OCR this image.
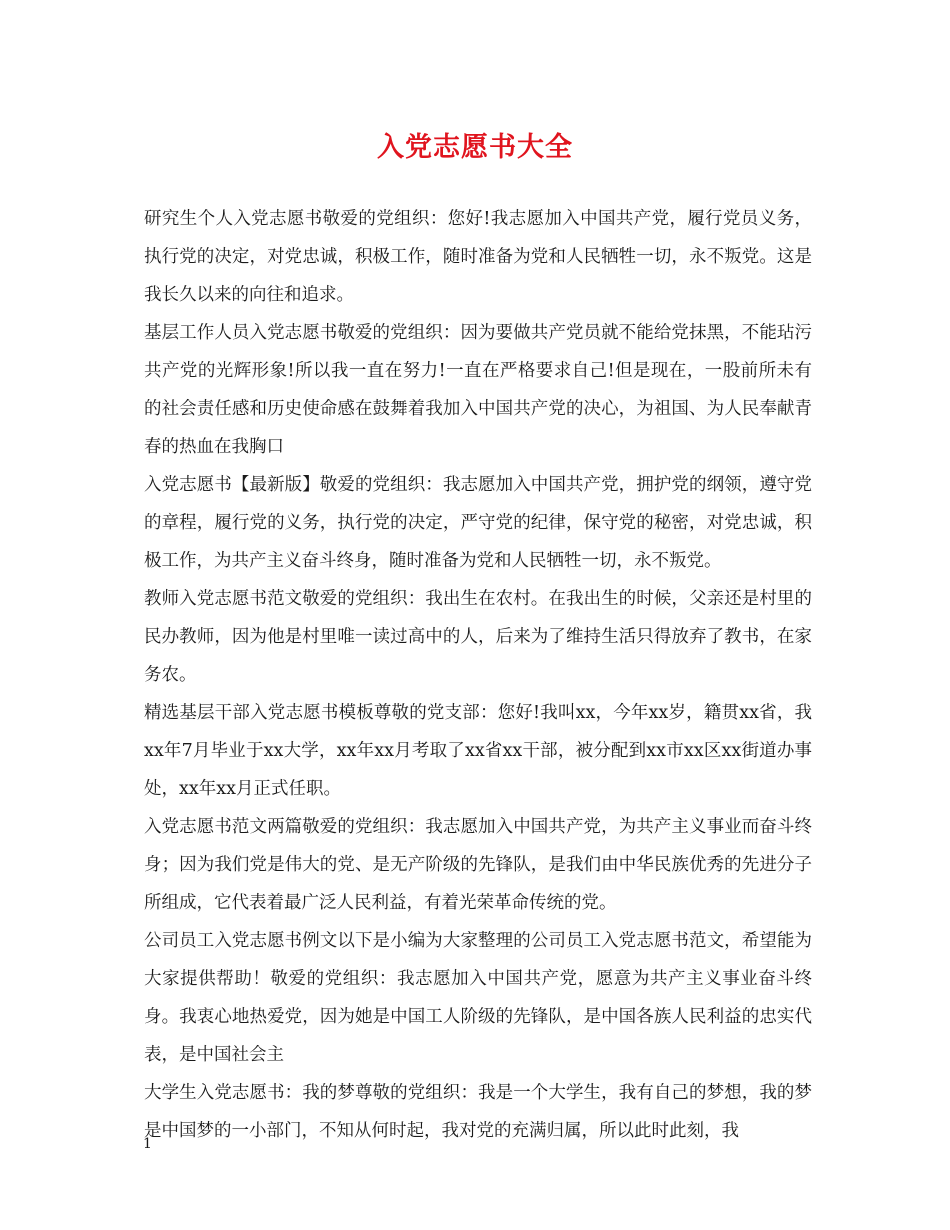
入党志愿书大全

研究生个人入党志愿书敬爱的党组织：您好!我志愿加入中国共产党，履行党员义务，执行党的决定，对党忠诚，积极工作，随时准备为党和人民牺牲一切，永不叛党。这是我长久以来的向往和追求。

基层工作人员入党志愿书敬爱的党组织：因为要做共产党员就不能给党抹黑，不能玷污共产党的光辉形象!所以我一直在努力!一直在严格要求自己!但是现在，一股前所未有的社会责任感和历史使命感在鼓舞着我加入中国共产党的决心，为祖国、为人民奉献青春的热血在我胸口

入党志愿书【最新版】敬爱的党组织：我志愿加入中国共产党，拥护党的纲领，遵守党的章程，履行党的义务，执行党的决定，严守党的纪律，保守党的秘密，对党忠诚，积极工作，为共产主义奋斗终身，随时准备为党和人民牺牲一切，永不叛党。

教师入党志愿书范文敬爱的党组织：我出生在农村。在我出生的时候，父亲还是村里的民办教师，因为他是村里唯一读过高中的人，后来为了维持生活只得放弃了教书，在家务农。

精选基层干部入党志愿书模板尊敬的党支部：您好!我叫xx，今年xx岁，籍贯xx省，我xx年7月毕业于xx大学，xx年xx月考取了xx省xx干部，被分配到xx市xx区xx街道办事处，xx年xx月正式任职。

入党志愿书范文两篇敬爱的党组织：我志愿加入中国共产党，为共产主义事业而奋斗终身；因为我们党是伟大的党、是无产阶级的先锋队，是我们由中华民族优秀的先进分子所组成，它代表着最广泛人民利益，有着光荣革命传统的党。

公司员工入党志愿书例文以下是小编为大家整理的公司员工入党志愿书范文，希望能为大家提供帮助！敬爱的党组织：我志愿加入中国共产党，愿意为共产主义事业奋斗终身。我衷心地热爱党，因为她是中国工人阶级的先锋队，是中国各族人民利益的忠实代表，是中国社会主

大学生入党志愿书：我的梦尊敬的党组织：我是一个大学生，我有自己的梦想，我的梦是中国梦的一小部门，不知从何时起，我对党的充满归属，所以此时此刻，我

1
